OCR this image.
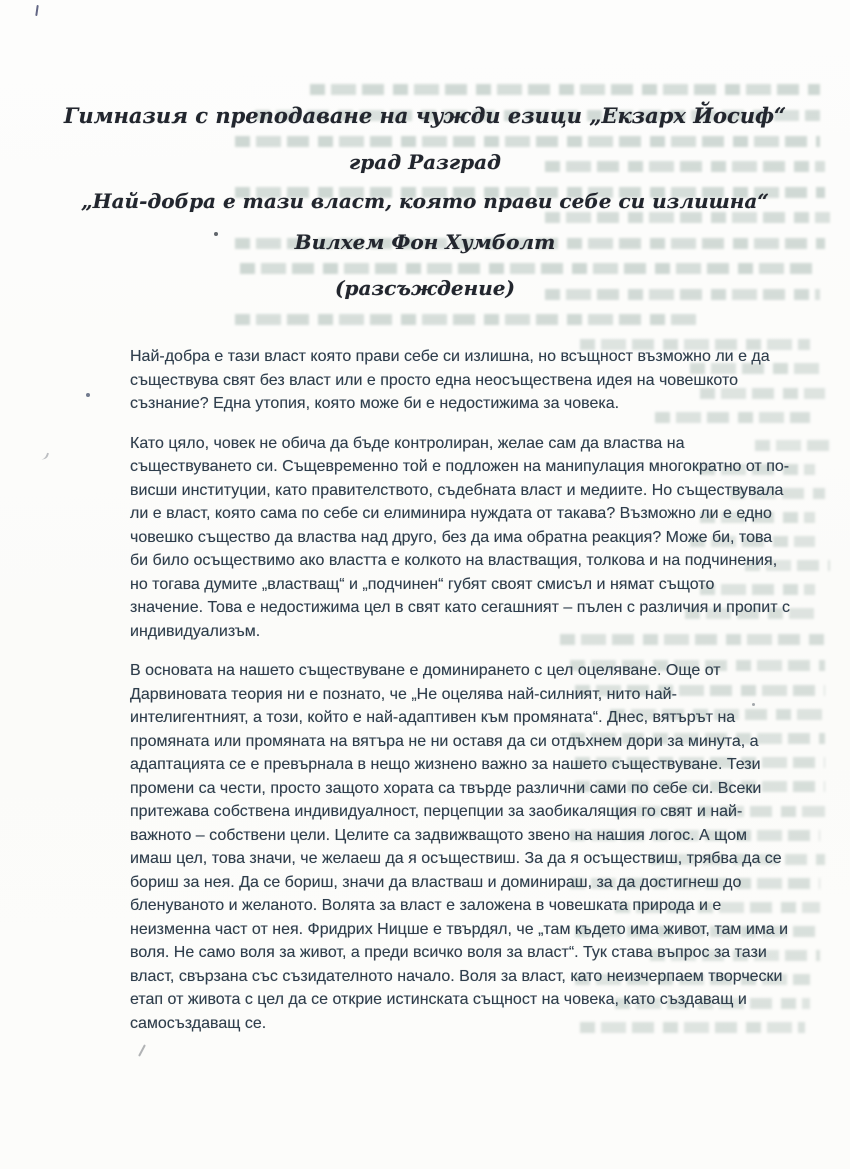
Гимназия с преподаване на чужди езици „Екзарх Йосиф“
град Разград
„Най-добра е тази власт, която прави себе си излишна“
Вилхем Фон Хумболт
(разсъждение)
Най-добра е тази власт която прави себе си излишна, но всъщност възможно ли е да
съществува свят без власт или е просто една неосъществена идея на човешкото
съзнание? Една утопия, която може би е недостижима за човека.
Като цяло, човек не обича да бъде контролиран, желае сам да властва на
съществуването си. Същевременно той е подложен на манипулация многократно от по-
висши институции, като правителството, съдебната власт и медиите. Но съществувала
ли е власт, която сама по себе си елиминира нуждата от такава? Възможно ли е едно
човешко същество да властва над друго, без да има обратна реакция? Може би, това
би било осъществимо ако властта е колкото на властващия, толкова и на подчинения,
но тогава думите „властващ“ и „подчинен“ губят своят смисъл и нямат същото
значение. Това е недостижима цел в свят като сегашният – пълен с различия и пропит с
индивидуализъм.
В основата на нашето съществуване е доминирането с цел оцеляване. Още от
Дарвиновата теория ни е познато, че „Не оцелява най-силният, нито най-
интелигентният, а този, който е най-адаптивен към промяната“. Днес, вятърът на
промяната или промяната на вятъра не ни оставя да си отдъхнем дори за минута, а
адаптацията се е превърнала в нещо жизнено важно за нашето съществуване. Тези
промени са чести, просто защото хората са твърде различни сами по себе си. Всеки
притежава собствена индивидуалност, перцепции за заобикалящия го свят и най-
важното – собствени цели. Целите са задвижващото звено на нашия логос. А щом
имаш цел, това значи, че желаеш да я осъществиш. За да я осъществиш, трябва да се
бориш за нея. Да се бориш, значи да властваш и доминираш, за да достигнеш до
бленуваното и желаното. Волята за власт е заложена в човешката природа и е
неизменна част от нея. Фридрих Ницше е твърдял, че „там където има живот, там има и
воля. Не само воля за живот, а преди всичко воля за власт“. Тук става въпрос за тази
власт, свързана със съзидателното начало. Воля за власт, като неизчерпаем творчески
етап от живота с цел да се открие истинската същност на човека, като създаващ и
самосъздаващ се.
